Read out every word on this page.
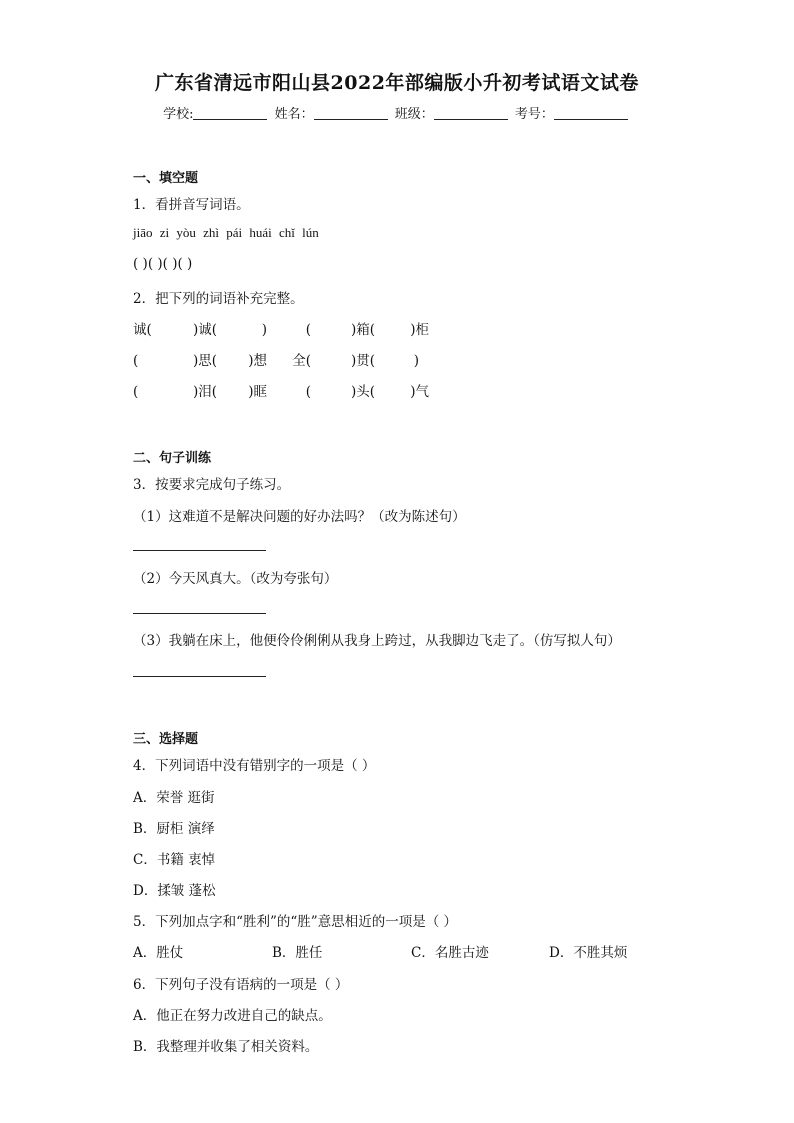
广东省清远市阳山县2022年部编版小升初考试语文试卷
学校:	姓名：	班级：	考号：
一、填空题
1．看拼音写词语。
jiāo zi yòu zhì pái huái chǐ lún
( )( )( )( )
2．把下列的词语补充完整。
诚(	)诚(	)	(	)箱(	)柜
(	)思( )想 全(	)贯(	)
(	)泪( )眶	(	)头(	)气
二、句子训练
3．按要求完成句子练习。
（1）这难道不是解决问题的好办法吗？（改为陈述句）
（2）今天风真大。（改为夸张句）
（3）我躺在床上，他便伶伶俐俐从我身上跨过，从我脚边飞走了。（仿写拟人句）
三、选择题
4．下列词语中没有错别字的一项是（ ）
A．荣誉 逛街
B．厨柜 演绎
C．书籍 衷悼
D．揉皱 蓬松
5．下列加点字和“胜利”的“胜”意思相近的一项是（ ）
A．胜仗	B．胜任	C．名胜古迹	D．不胜其烦
6．下列句子没有语病的一项是（ ）
A．他正在努力改进自己的缺点。
B．我整理并收集了相关资料。
